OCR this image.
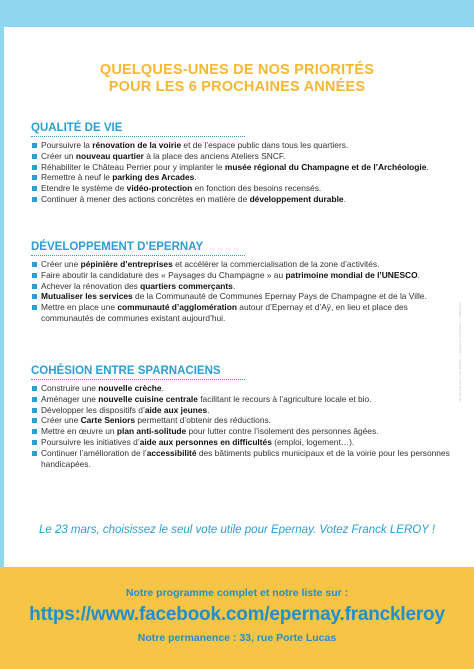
QUELQUES-UNES DE NOS PRIORITÉS
POUR LES 6 PROCHAINES ANNÉES
QUALITÉ DE VIE
Poursuivre la rénovation de la voirie et de l’espace public dans tous les quartiers.
Créer un nouveau quartier à la place des anciens Ateliers SNCF.
Réhabiliter le Château Perrier pour y implanter le musée régional du Champagne et de l’Archéologie.
Remettre à neuf le parking des Arcades.
Etendre le système de vidéo-protection en fonction des besoins recensés.
Continuer à mener des actions concrètes en matière de développement durable.
DÉVELOPPEMENT D’EPERNAY
Créer une pépinière d’entreprises et accélérer la commercialisation de la zone d’activités.
Faire aboutir la candidature des « Paysages du Champagne » au patrimoine mondial de l’UNESCO.
Achever la rénovation des quartiers commerçants.
Mutualiser les services de la Communauté de Communes Epernay Pays de Champagne et de la Ville.
Mettre en place une communauté d’agglomération autour d’Epernay et d’Aÿ, en lieu et place des communautés de communes existant aujourd’hui.
COHÉSION ENTRE SPARNACIENS
Construire une nouvelle crèche.
Aménager une nouvelle cuisine centrale facilitant le recours à l’agriculture locale et bio.
Développer les dispositifs d’aide aux jeunes.
Créer une Carte Seniors permettant d’obtenir des réductions.
Mettre en œuvre un plan anti-solitude pour lutter contre l’isolement des personnes âgées.
Poursuivre les initiatives d’aide aux personnes en difficultés (emploi, logement…).
Continuer l’amélioration de l’accessibilité des bâtiments publics municipaux et de la voirie pour les personnes handicapées.
Le 23 mars, choisissez le seul vote utile pour Epernay. Votez Franck LEROY !
Ne pas jeter sur la voie publique — Imprimé par Imprimerie — Crédit photo
Notre programme complet et notre liste sur :
https://www.facebook.com/epernay.franckleroy
Notre permanence : 33, rue Porte Lucas
